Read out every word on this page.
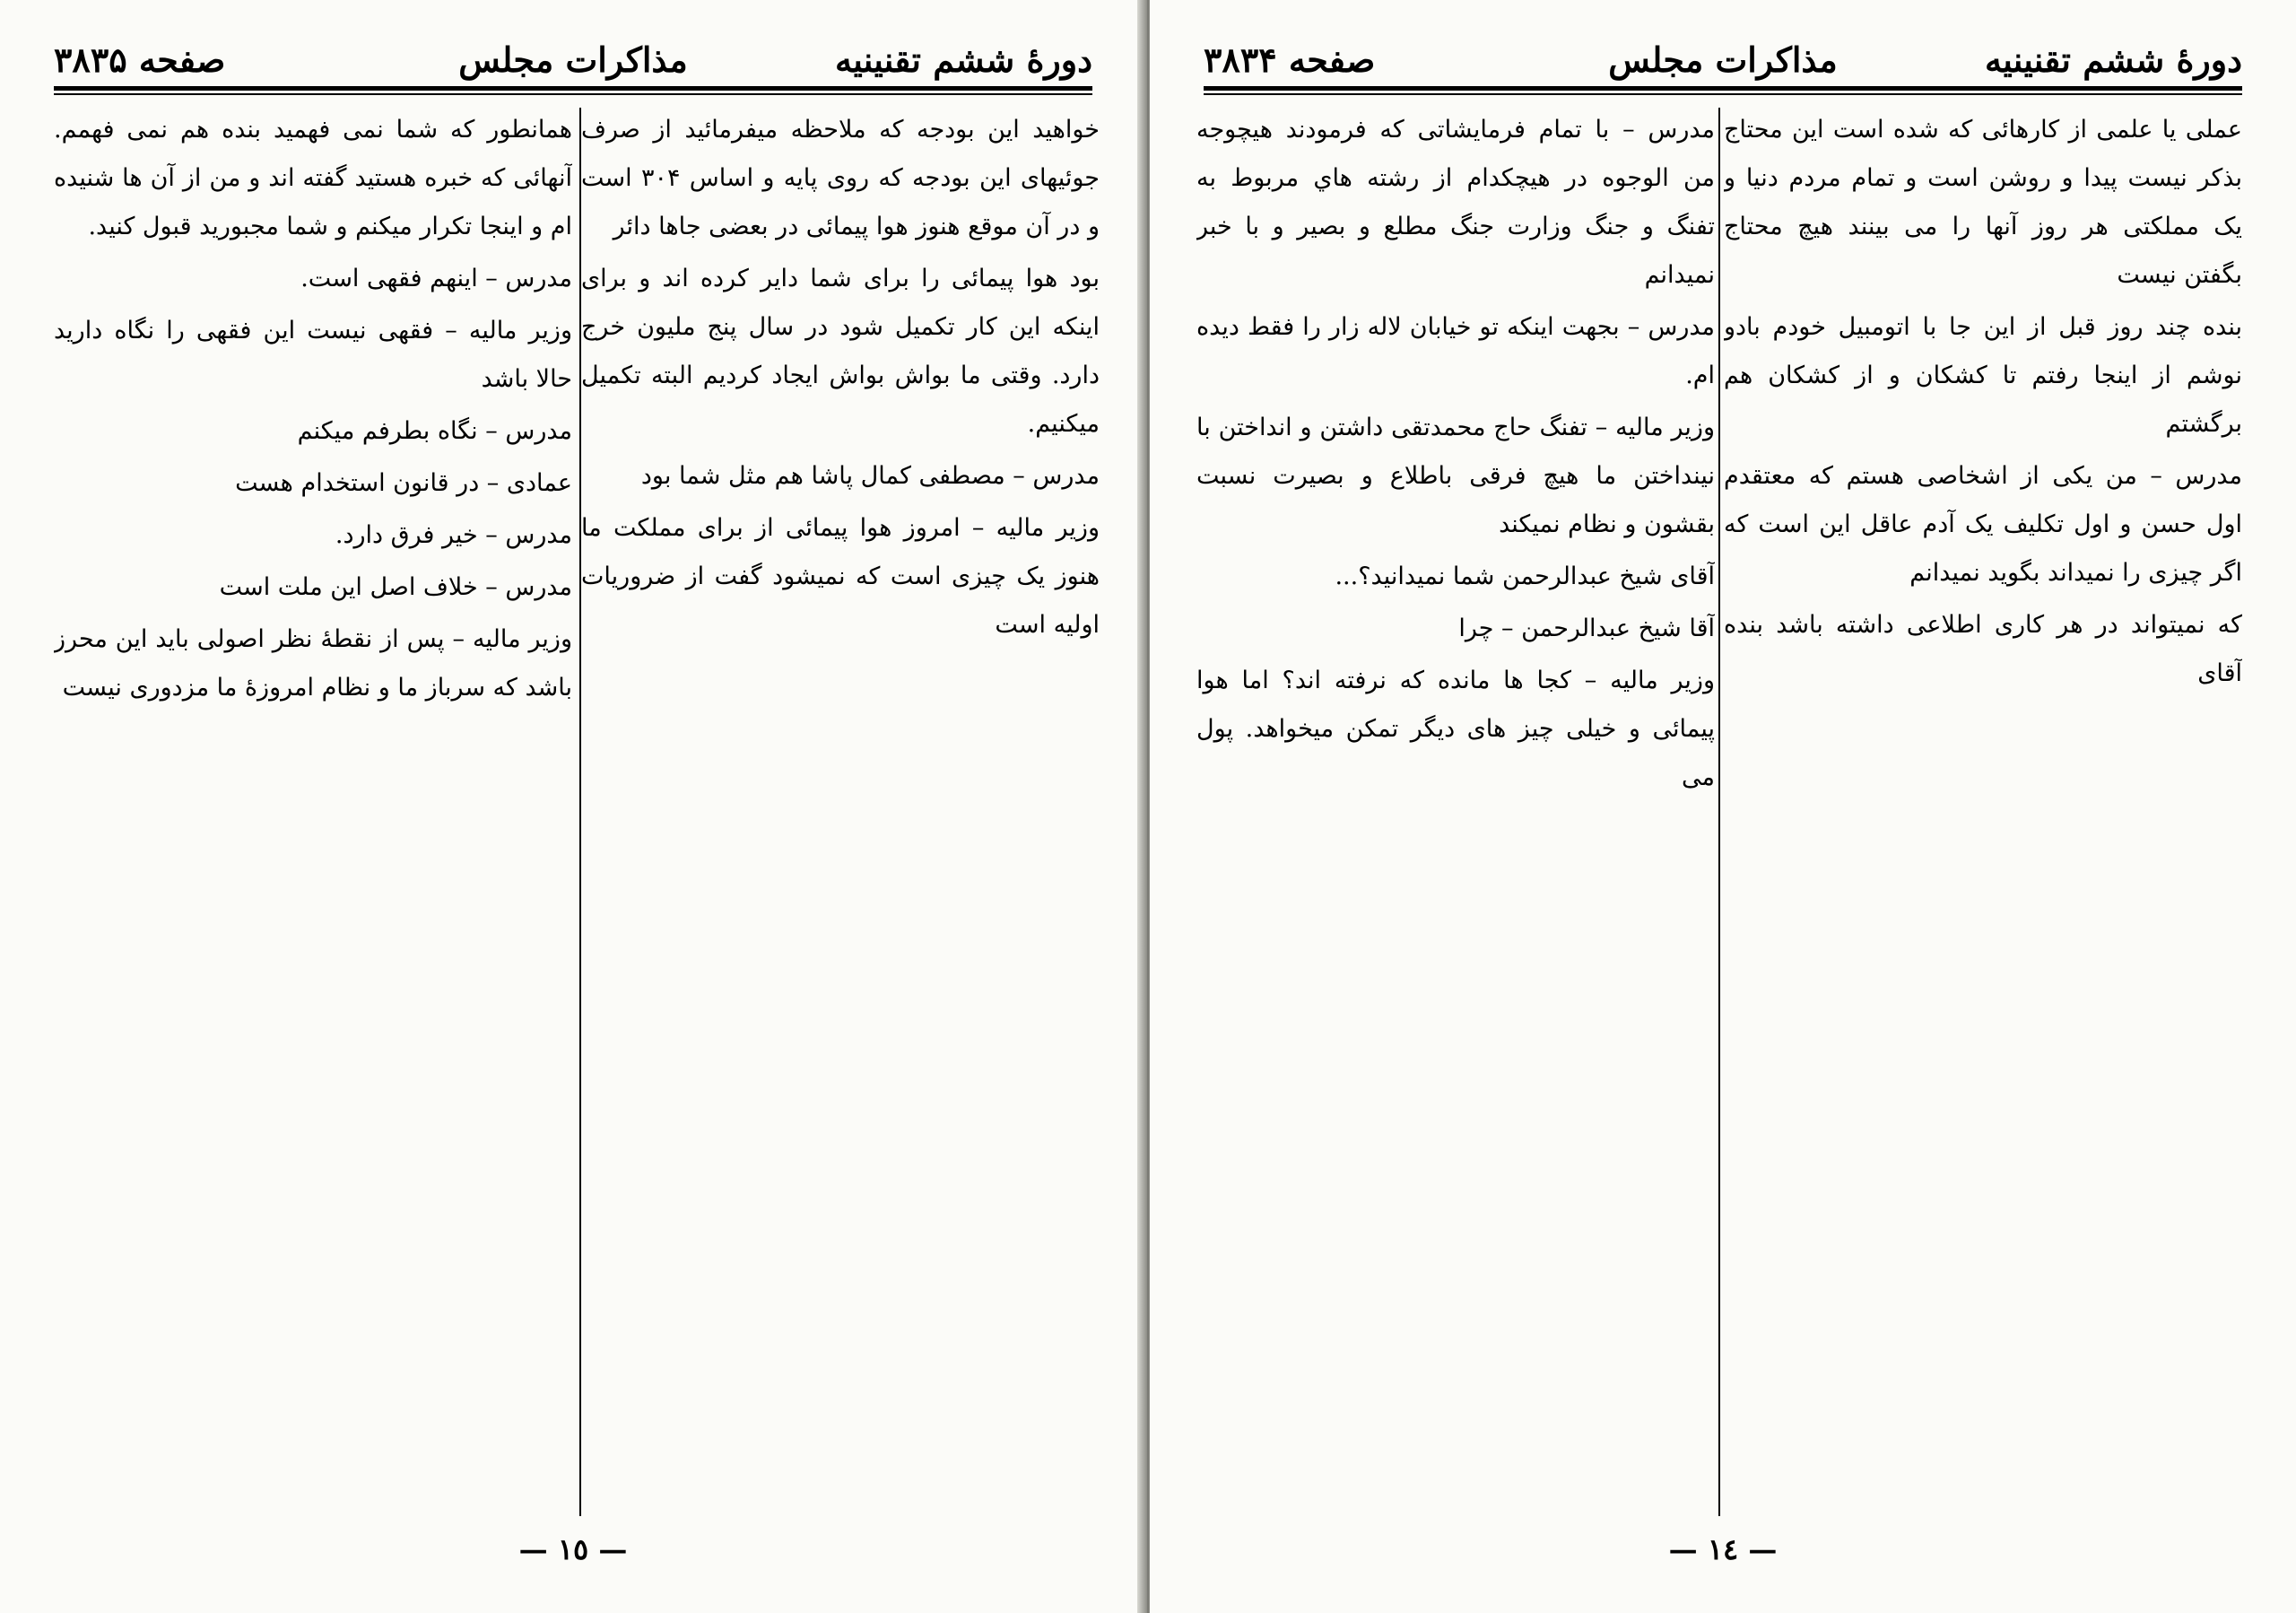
دورهٔ ششم تقنینیه
مذاکرات مجلس
صفحه ۳۸۳۵

خواهید این بودجه که ملاحظه میفرمائید از صرف جوئیهای این بودجه که روی پایه و اساس ۳۰۴ است و در آن موقع هنوز هوا پیمائی در بعضی جاها دائر

بود هوا پیمائی را برای شما دایر کرده اند و برای اینکه این کار تکمیل شود در سال پنج ملیون خرج دارد. وقتی ما بواش بواش ایجاد کردیم البته تکمیل میکنیم.

مدرس – مصطفی کمال پاشا هم مثل شما بود

وزیر مالیه – امروز هوا پیمائی از برای مملکت ما هنوز یک چیزی است که نمیشود گفت از ضروریات اولیه است

همانطور که شما نمی فهمید بنده هم نمی فهمم. آنهائی که خبره هستید گفته اند و من از آن ها شنیده ام و اینجا تکرار میکنم و شما مجبورید قبول کنید.

مدرس – اینهم فقهی است.

وزیر مالیه – فقهی نیست این فقهی را نگاه دارید حالا باشد

مدرس – نگاه بطرفم میکنم

عمادی – در قانون استخدام هست

مدرس – خیر فرق دارد.

مدرس – خلاف اصل این ملت است

وزیر مالیه – پس از نقطهٔ نظر اصولی باید این محرز باشد که سرباز ما و نظام امروزهٔ ما مزدوری نیست

— ١٥ —
دورهٔ ششم تقنینیه
مذاکرات مجلس
صفحه ۳۸۳۴

عملی یا علمی از کارهائی که شده است این محتاج بذکر نیست پیدا و روشن است و تمام مردم دنیا و یک مملکتی هر روز آنها را می بینند هیچ محتاج بگفتن نیست

بنده چند روز قبل از این جا با اتومبیل خودم بادو نوشم از اینجا رفتم تا کشکان و از کشکان هم برگشتم

مدرس – من یکی از اشخاصی هستم که معتقدم اول حسن و اول تکلیف یک آدم عاقل این است که اگر چیزی را نمیداند بگوید نمیدانم

که نمیتواند در هر کاری اطلاعی داشته باشد بنده آقای

مدرس – با تمام فرمایشاتی که فرمودند هیچوجه من الوجوه در هیچکدام از رشته هاي مربوط به تفنگ و جنگ وزارت جنگ مطلع و بصیر و با خبر نمیدانم

مدرس – بجهت اینکه تو خیابان لاله زار را فقط دیده ام.

وزیر مالیه – تفنگ حاج محمدتقی داشتن و انداختن با نینداختن ما هیچ فرقی باطلاع و بصیرت نسبت بقشون و نظام نمیکند

آقای شیخ عبدالرحمن شما نمیدانید؟...

آقا شیخ عبدالرحمن – چرا

وزیر مالیه – کجا ها مانده که نرفته اند؟ اما هوا پیمائی و خیلی چیز های دیگر تمکن میخواهد. پول می

— ١٤ —
